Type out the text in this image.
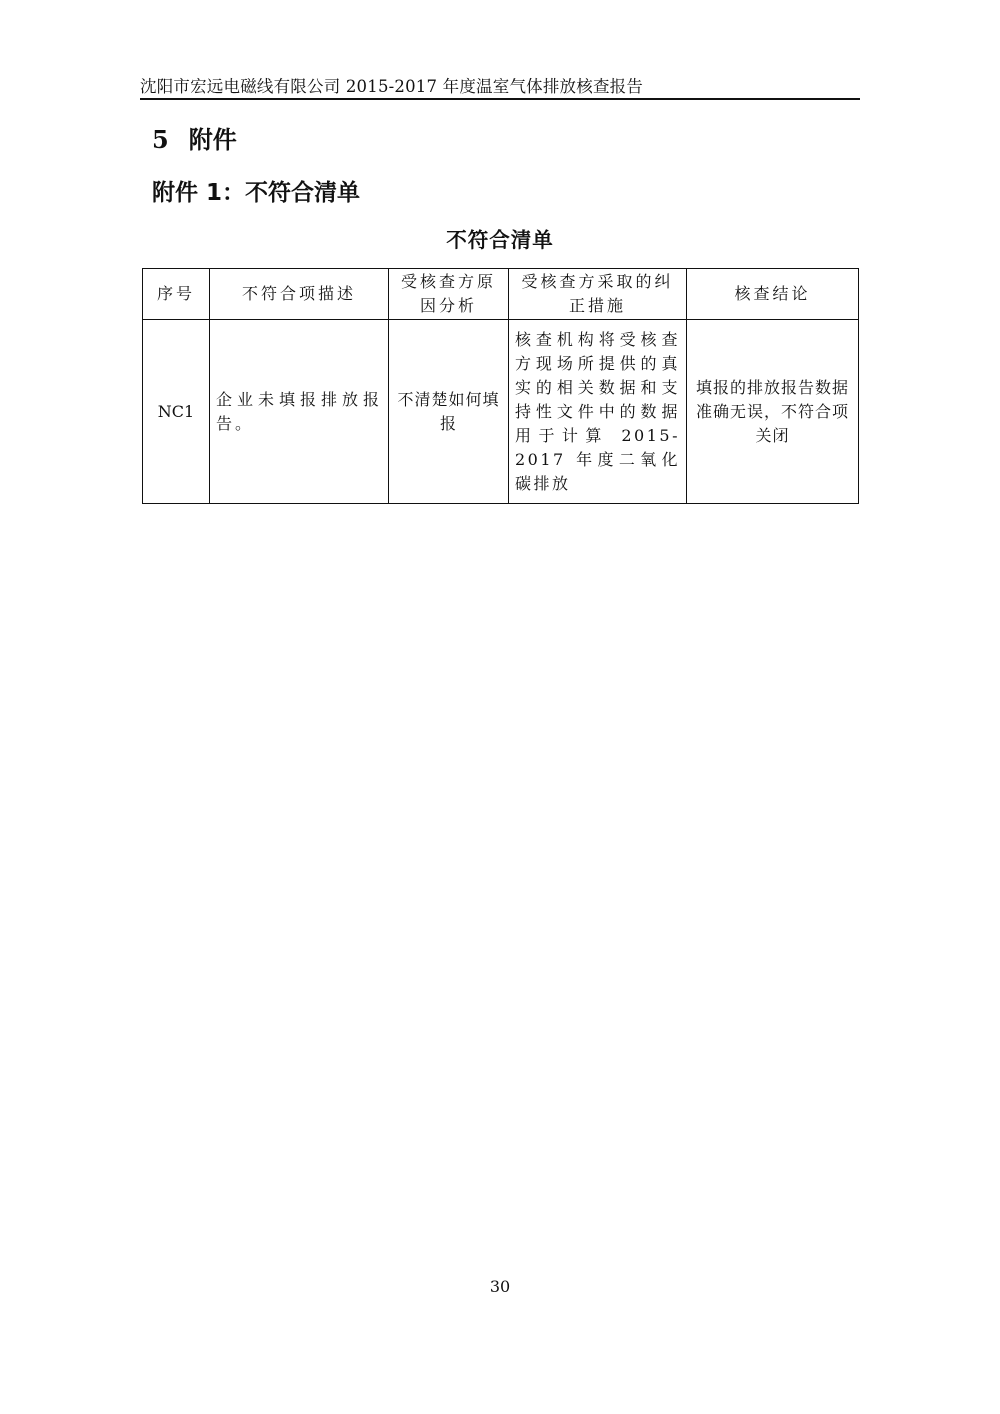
沈阳市宏远电磁线有限公司 2015-2017 年度温室气体排放核查报告
5 附件
附件 1：不符合清单
不符合清单
序号	不符合项描述	受核查方原因分析	受核查方采取的纠正措施	核查结论
NC1	企业未填报排放报告。	不清楚如何填报	核查机构将受核查方现场所提供的真实的相关数据和支持性文件中的数据用于计算 2015-2017 年度二氧化碳排放	填报的排放报告数据准确无误，不符合项关闭
30
